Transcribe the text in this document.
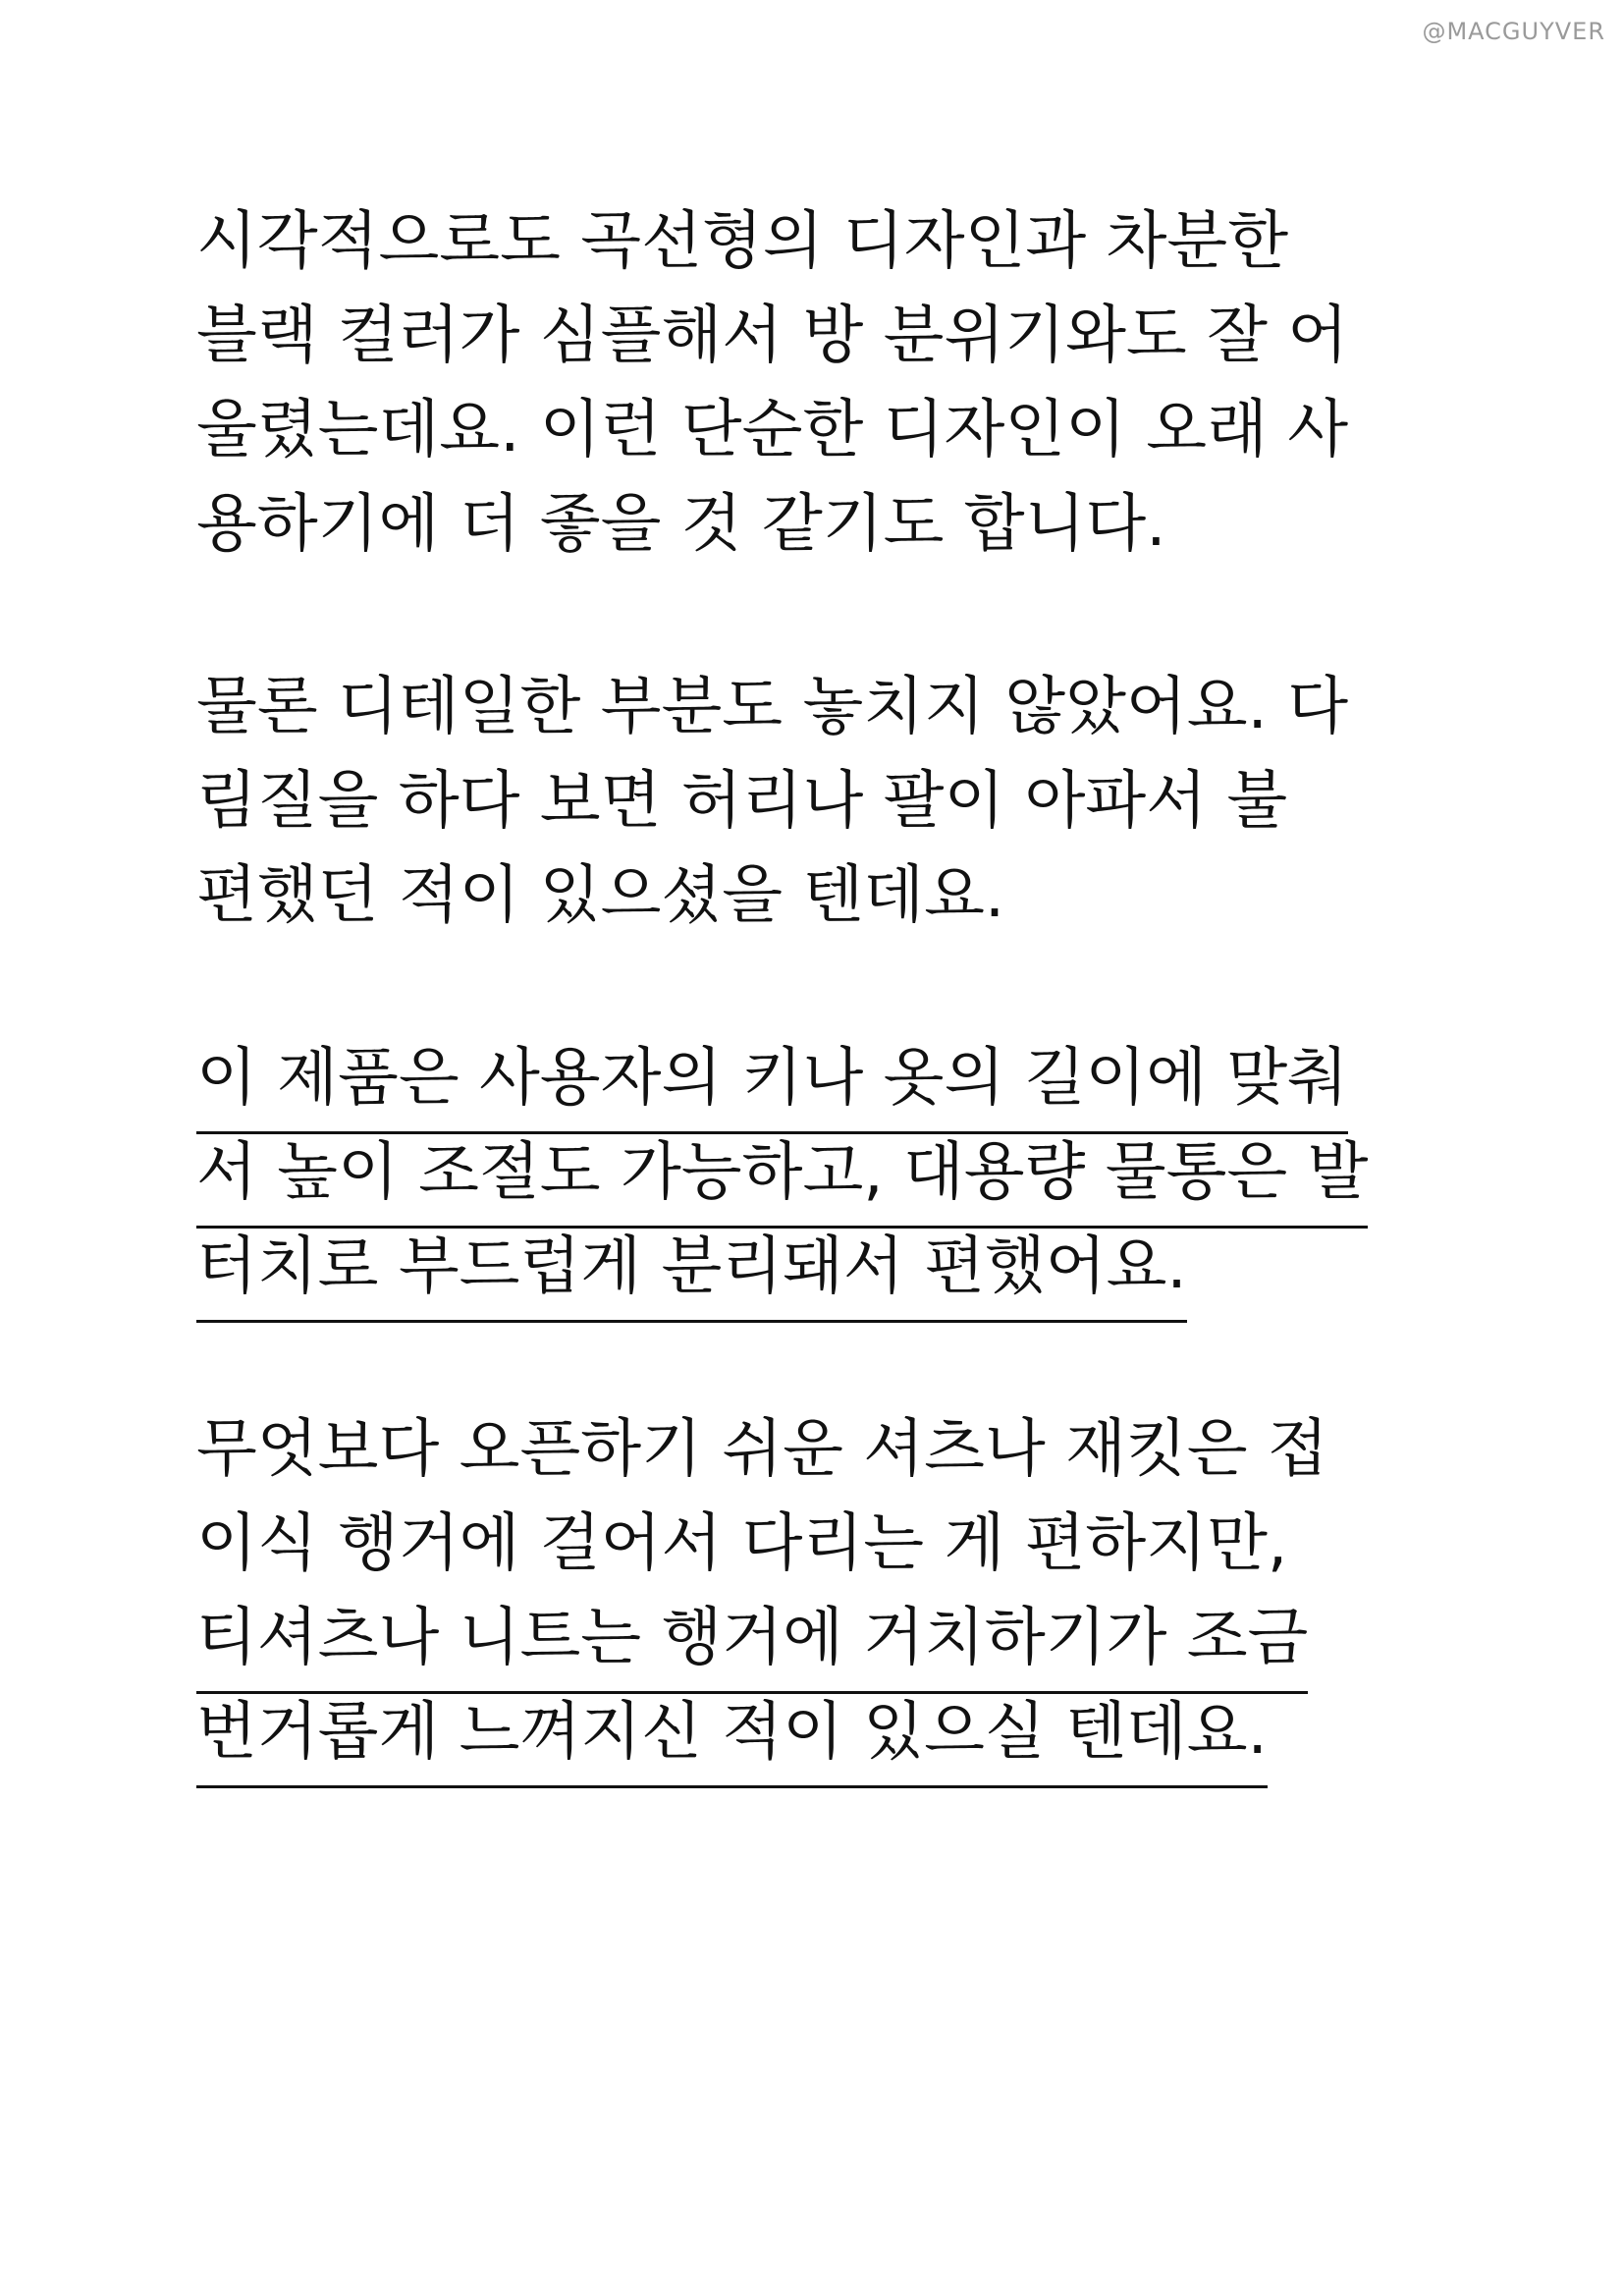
@MACGUYVER
시각적으로도 곡선형의 디자인과 차분한
블랙 컬러가 심플해서 방 분위기와도 잘 어
울렸는데요. 이런 단순한 디자인이 오래 사
용하기에 더 좋을 것 같기도 합니다.
물론 디테일한 부분도 놓치지 않았어요. 다
림질을 하다 보면 허리나 팔이 아파서 불
편했던 적이 있으셨을 텐데요.
이 제품은 사용자의 키나 옷의 길이에 맞춰
서 높이 조절도 가능하고, 대용량 물통은 발
터치로 부드럽게 분리돼서 편했어요.
무엇보다 오픈하기 쉬운 셔츠나 재킷은 접
이식 행거에 걸어서 다리는 게 편하지만,
티셔츠나 니트는 행거에 거치하기가 조금
번거롭게 느껴지신 적이 있으실 텐데요.
